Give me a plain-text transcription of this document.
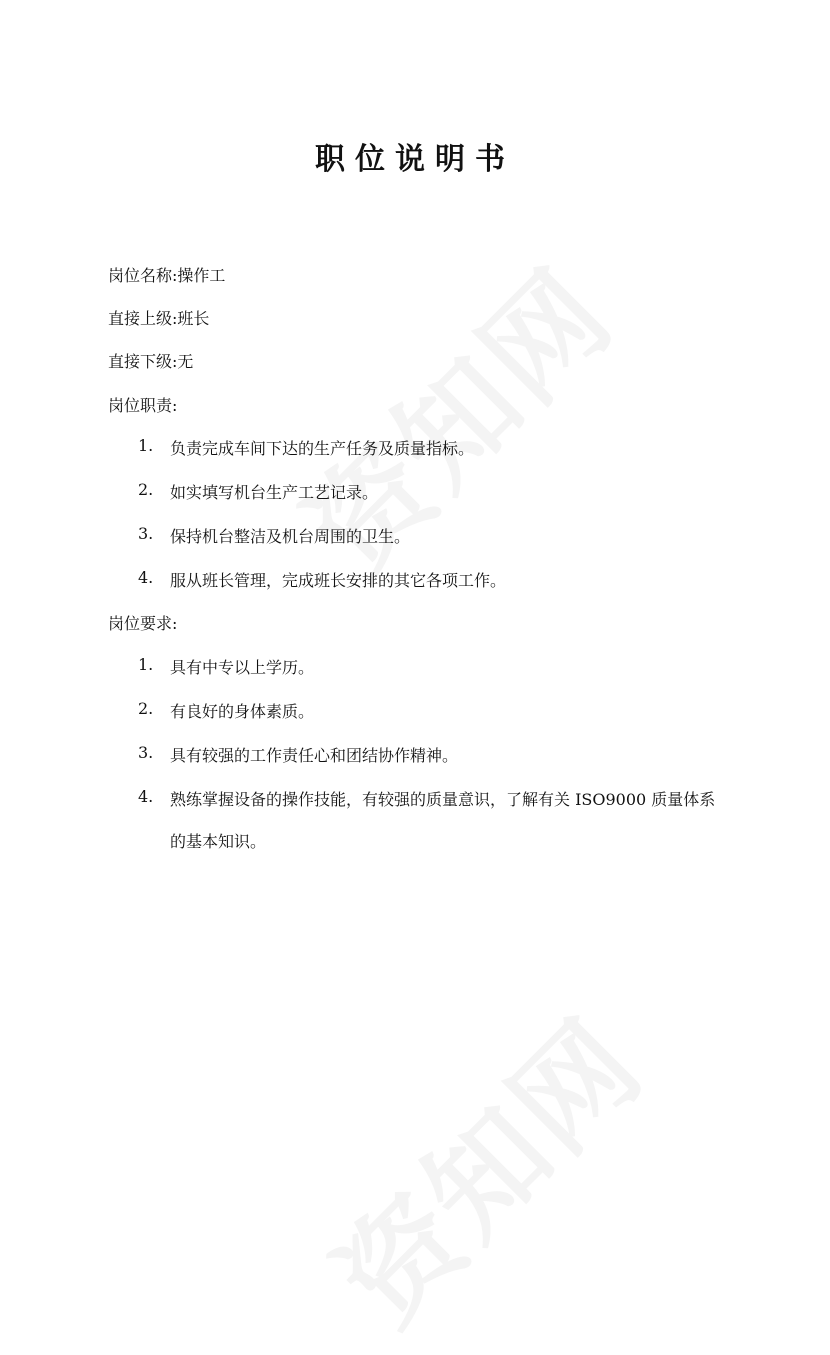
职位说明书
岗位名称:操作工
直接上级:班长
直接下级:无
岗位职责:
1. 负责完成车间下达的生产任务及质量指标。
2. 如实填写机台生产工艺记录。
3. 保持机台整洁及机台周围的卫生。
4. 服从班长管理，完成班长安排的其它各项工作。
岗位要求:
1. 具有中专以上学历。
2. 有良好的身体素质。
3. 具有较强的工作责任心和团结协作精神。
4. 熟练掌握设备的操作技能，有较强的质量意识，了解有关 ISO9000 质量体系
的基本知识。
